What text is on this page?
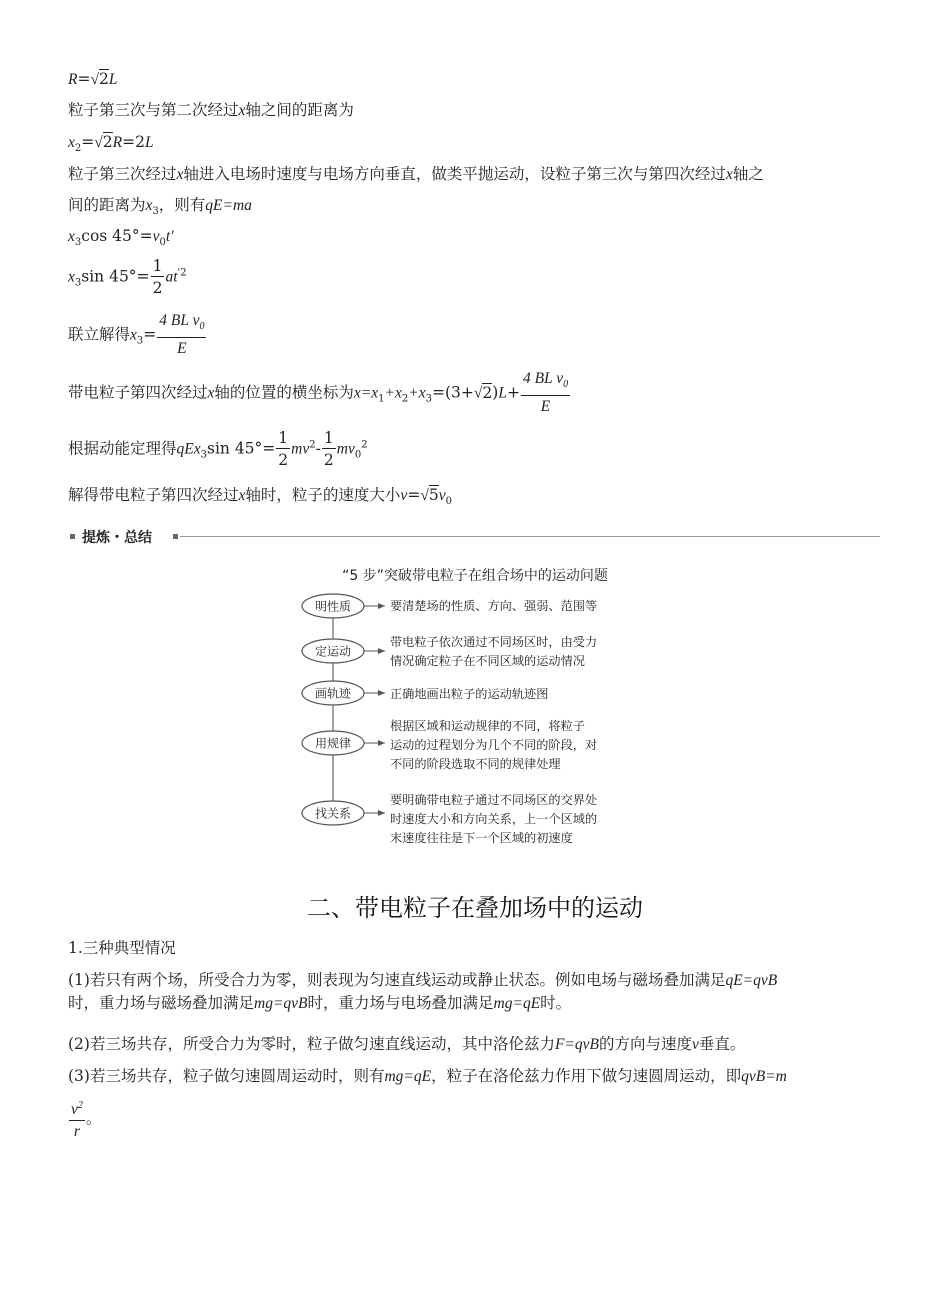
R=√2L
粒子第三次与第二次经过x轴之间的距离为
$x_2=√2R=2L$
粒子第三次经过x轴进入电场时速度与电场方向垂直，做类平抛运动，设粒子第三次与第四次经过x轴之
间的距离为$x_3$，则有qE=ma
$x_3\cos$ $45^\circ=v_0t'$
$x_3\sin$ $45^\circ= \frac{1}{2} at^{'2}$
联立解得$x_3= \frac{4 BL v_0}{E}$
带电粒子第四次经过x轴的位置的横坐标为$x=x_1+x_2+x_3=(3+√2)L+ \frac{4 BL v_0}{E}$
根据动能定理得qEx$_3$sin $45^\circ= \frac{1}{2} mv^2- \frac{1}{2} mv_0^2$
解得带电粒子第四次经过x轴时，粒子的速度大小$v=√5v_0$
提炼・总结
“5 步”突破带电粒子在组合场中的运动问题
明性质	要清楚场的性质、方向、强弱、范围等
定运动
带电粒子依次通过不同场区时，由受力
情况确定粒子在不同区域的运动情况
画轨迹	正确地画出粒子的运动轨迹图
用规律
根据区域和运动规律的不同，将粒子
运动的过程划分为几个不同的阶段，对
不同的阶段选取不同的规律处理
找关系
要明确带电粒子通过不同场区的交界处
时速度大小和方向关系，上一个区域的
末速度往往是下一个区域的初速度
二、带电粒子在叠加场中的运动
1.三种典型情况
(1)若只有两个场，所受合力为零，则表现为匀速直线运动或静止状态。例如电场与磁场叠加满足qE=qvB
时，重力场与磁场叠加满足mg=qvB时，重力场与电场叠加满足mg=qE时。
(2)若三场共存，所受合力为零时，粒子做匀速直线运动，其中洛伦兹力F=qvB的方向与速度v垂直。
(3)若三场共存，粒子做匀速圆周运动时，则有mg=qE，粒子在洛伦兹力作用下做匀速圆周运动，即qvB=m
$\frac{v^2}{r}$ 。
